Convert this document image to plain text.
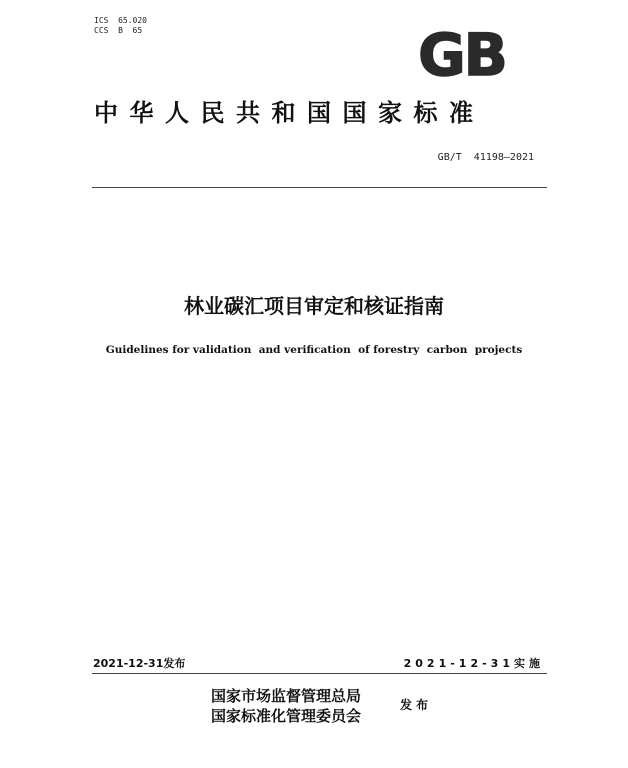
ICS  65.020
CCS  B  65	GB
中华人民共和国国家标准
GB/T  41198—2021
林业碳汇项目审定和核证指南
Guidelines for validation  and verification  of forestry  carbon  projects
2021-12-31发布	2021-12-31实施
国家市场监督管理总局
国家标准化管理委员会
发布
